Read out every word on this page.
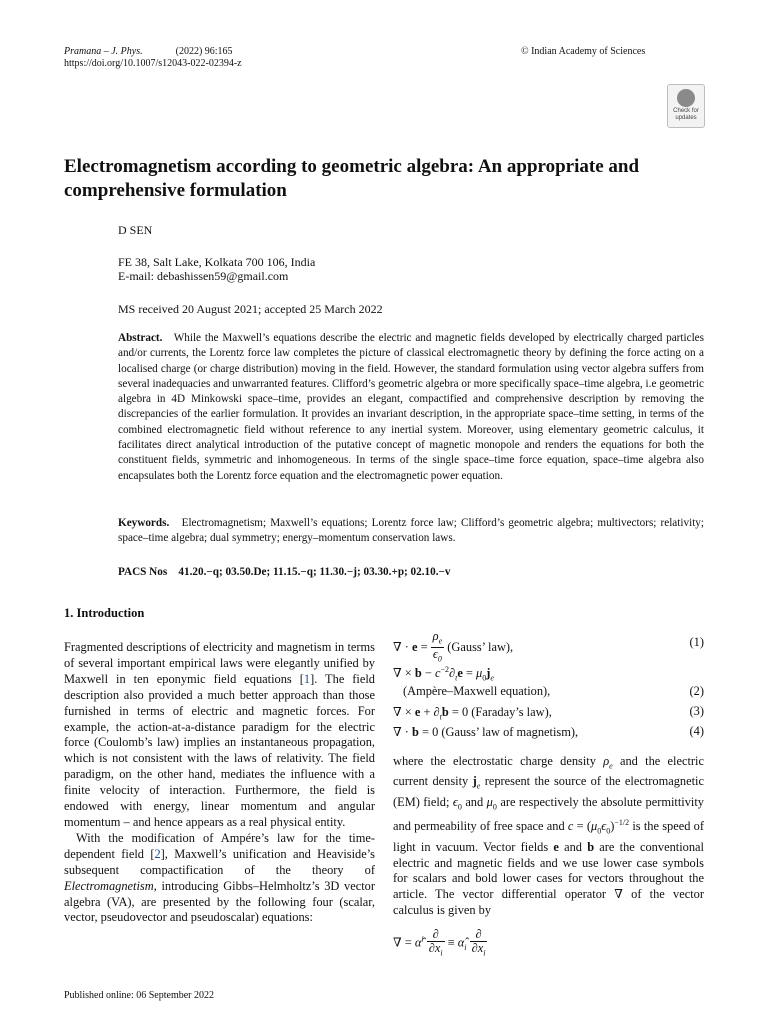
Pramana – J. Phys.	(2022) 96:165
https://doi.org/10.1007/s12043-022-02394-z
© Indian Academy of Sciences
Check for updates
Electromagnetism according to geometric algebra: An appropriate and comprehensive formulation
D SEN
FE 38, Salt Lake, Kolkata 700 106, India
E-mail: debashissen59@gmail.com
MS received 20 August 2021; accepted 25 March 2022
Abstract. While the Maxwell’s equations describe the electric and magnetic fields developed by electrically charged particles and/or currents, the Lorentz force law completes the picture of classical electromagnetic theory by defining the force acting on a localised charge (or charge distribution) moving in the field. However, the standard formulation using vector algebra suffers from several inadequacies and unwarranted features. Clifford’s geometric algebra or more specifically space–time algebra, i.e geometric algebra in 4D Minkowski space–time, provides an elegant, compactified and comprehensive description by removing the discrepancies of the earlier formulation. It provides an invariant description, in the appropriate space–time setting, in terms of the combined electromagnetic field without reference to any inertial system. Moreover, using elementary geometric calculus, it facilitates direct analytical introduction of the putative concept of magnetic monopole and renders the equations for both the constituent fields, symmetric and inhomogeneous. In terms of the single space–time force equation, space–time algebra also encapsulates both the Lorentz force equation and the electromagnetic power equation.
Keywords. Electromagnetism; Maxwell’s equations; Lorentz force law; Clifford’s geometric algebra; multivectors; relativity; space–time algebra; dual symmetry; energy–momentum conservation laws.
PACS Nos 41.20.−q; 03.50.De; 11.15.−q; 11.30.−j; 03.30.+p; 02.10.−v
1. Introduction

Fragmented descriptions of electricity and magnetism in terms of several important empirical laws were elegantly unified by Maxwell in ten eponymic field equations [1]. The field description also provided a much better approach than those furnished in terms of electric and magnetic forces. For example, the action-at-a-distance paradigm for the electric force (Coulomb’s law) implies an instantaneous propagation, which is not consistent with the laws of relativity. The field paradigm, on the other hand, mediates the influence with a finite velocity of interaction. Furthermore, the field is endowed with energy, linear momentum and angular momentum – and hence appears as a real physical entity.

With the modification of Ampére’s law for the time-dependent field [2], Maxwell’s unification and Heaviside’s subsequent compactification of the theory of Electromagnetism, introducing Gibbs–Helmholtz’s 3D vector algebra (VA), are presented by the following four (scalar, vector, pseudovector and pseudoscalar) equations:

∇ · $e = \frac{\rho_e}{\epsilon_0}$ (Gauss’ law),	(1)
∇ × $b - c^{-2}\partial_te = \mu_0j_e$
(Ampère–Maxwell equation),	(2)
∇ × $e + \partial_tb = 0$ (Faraday’s law),	(3)
∇ · b = 0 (Gauss’ law of magnetism),	(4)
where the electrostatic charge density $\rho_e$ and the electric current density $j_e$ represent the source of the electromagnetic (EM) field; $\epsilon_0$ and $\mu_0$ are respectively the absolute permittivity and permeability of free space and $c = (\mu_0\epsilon_0)^{-1/2}$ is the speed of light in vacuum. Vector fields e and b are the conventional electric and magnetic fields and we use lower case symbols for scalars and bold lower cases for vectors throughout the article. The vector differential operator ∇ of the vector calculus is given by
∇ = α̂$^i$ $\frac{\partial}{\partial x_i}$ ≡ $\alphâ_i \frac{\partial}{\partial x_i}$
Published online: 06 September 2022
